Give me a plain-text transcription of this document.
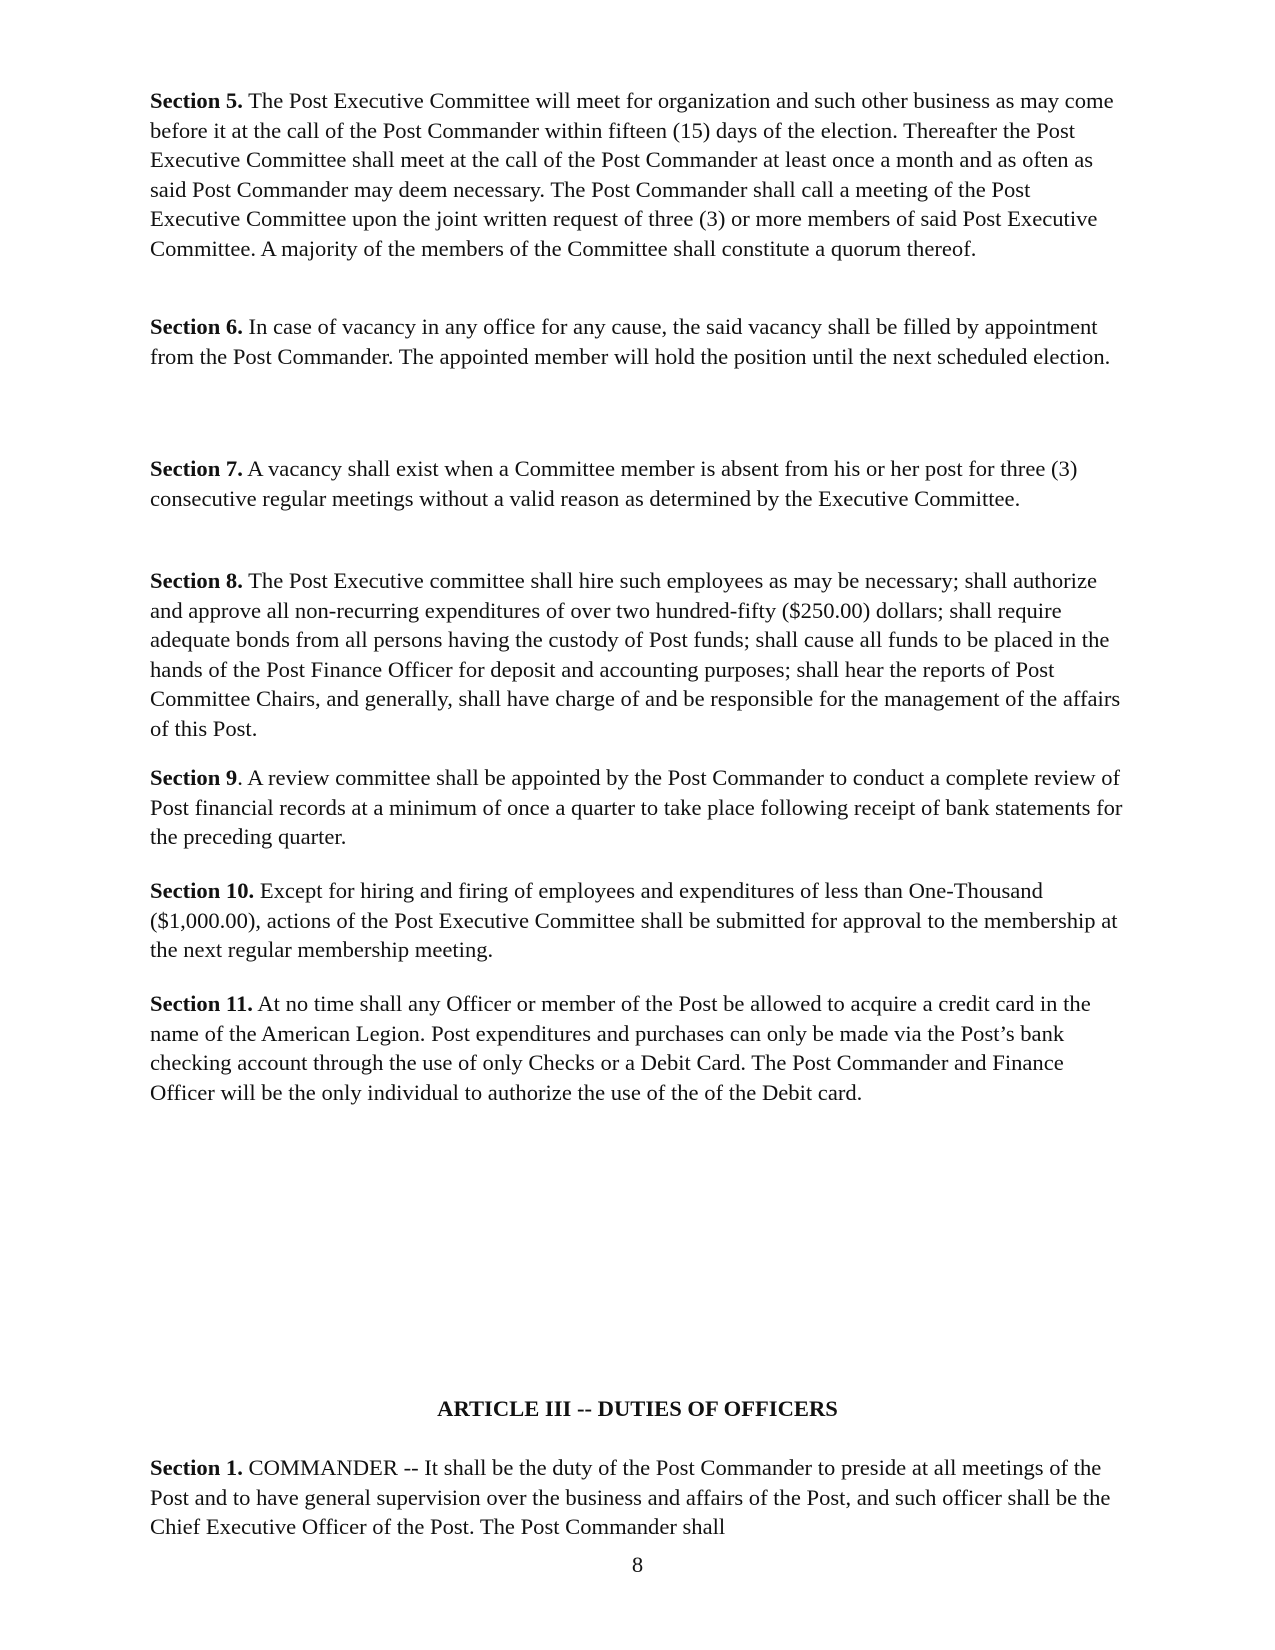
Section 5. The Post Executive Committee will meet for organization and such other business as may come before it at the call of the Post Commander within fifteen (15) days of the election. Thereafter the Post Executive Committee shall meet at the call of the Post Commander at least once a month and as often as said Post Commander may deem necessary. The Post Commander shall call a meeting of the Post Executive Committee upon the joint written request of three (3) or more members of said Post Executive Committee. A majority of the members of the Committee shall constitute a quorum thereof.

Section 6. In case of vacancy in any office for any cause, the said vacancy shall be filled by appointment from the Post Commander. The appointed member will hold the position until the next scheduled election.

Section 7. A vacancy shall exist when a Committee member is absent from his or her post for three (3) consecutive regular meetings without a valid reason as determined by the Executive Committee.

Section 8. The Post Executive committee shall hire such employees as may be necessary; shall authorize and approve all non-recurring expenditures of over two hundred-fifty ($250.00) dollars; shall require adequate bonds from all persons having the custody of Post funds; shall cause all funds to be placed in the hands of the Post Finance Officer for deposit and accounting purposes; shall hear the reports of Post Committee Chairs, and generally, shall have charge of and be responsible for the management of the affairs of this Post.

Section 9. A review committee shall be appointed by the Post Commander to conduct a complete review of Post financial records at a minimum of once a quarter to take place following receipt of bank statements for the preceding quarter.

Section 10. Except for hiring and firing of employees and expenditures of less than One-Thousand ($1,000.00), actions of the Post Executive Committee shall be submitted for approval to the membership at the next regular membership meeting.

Section 11. At no time shall any Officer or member of the Post be allowed to acquire a credit card in the name of the American Legion. Post expenditures and purchases can only be made via the Post’s bank checking account through the use of only Checks or a Debit Card. The Post Commander and Finance Officer will be the only individual to authorize the use of the of the Debit card.

ARTICLE III -- DUTIES OF OFFICERS

Section 1. COMMANDER -- It shall be the duty of the Post Commander to preside at all meetings of the Post and to have general supervision over the business and affairs of the Post, and such officer shall be the Chief Executive Officer of the Post. The Post Commander shall

8
